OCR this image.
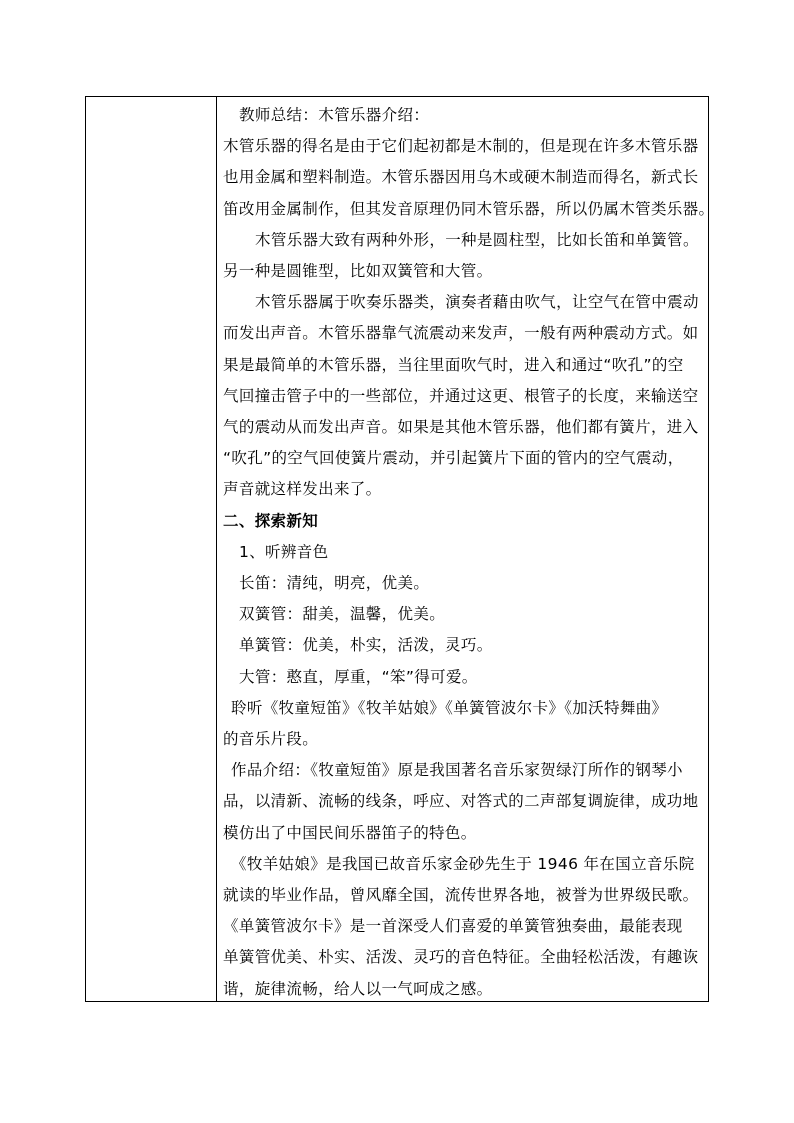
教师总结：木管乐器介绍：
木管乐器的得名是由于它们起初都是木制的，但是现在许多木管乐器
也用金属和塑料制造。木管乐器因用乌木或硬木制造而得名，新式长
笛改用金属制作，但其发音原理仍同木管乐器，所以仍属木管类乐器。
木管乐器大致有两种外形，一种是圆柱型，比如长笛和单簧管。
另一种是圆锥型，比如双簧管和大管。
木管乐器属于吹奏乐器类，演奏者藉由吹气，让空气在管中震动
而发出声音。木管乐器靠气流震动来发声，一般有两种震动方式。如
果是最简单的木管乐器，当往里面吹气时，进入和通过“吹孔”的空
气回撞击管子中的一些部位，并通过这更、根管子的长度，来输送空
气的震动从而发出声音。如果是其他木管乐器，他们都有簧片，进入
“吹孔”的空气回使簧片震动，并引起簧片下面的管内的空气震动，
声音就这样发出来了。
二、探索新知
1、听辨音色
长笛：清纯，明亮，优美。
双簧管：甜美，温馨，优美。
单簧管：优美，朴实，活泼，灵巧。
大管：憨直，厚重，“笨”得可爱。
聆听《牧童短笛》《牧羊姑娘》《单簧管波尔卡》《加沃特舞曲》
的音乐片段。
作品介绍：《牧童短笛》原是我国著名音乐家贺绿汀所作的钢琴小
品，以清新、流畅的线条，呼应、对答式的二声部复调旋律，成功地
模仿出了中国民间乐器笛子的特色。
《牧羊姑娘》是我国已故音乐家金砂先生于 1946 年在国立音乐院
就读的毕业作品，曾风靡全国，流传世界各地，被誉为世界级民歌。
《单簧管波尔卡》是一首深受人们喜爱的单簧管独奏曲，最能表现
单簧管优美、朴实、活泼、灵巧的音色特征。全曲轻松活泼，有趣诙
谐，旋律流畅，给人以一气呵成之感。
